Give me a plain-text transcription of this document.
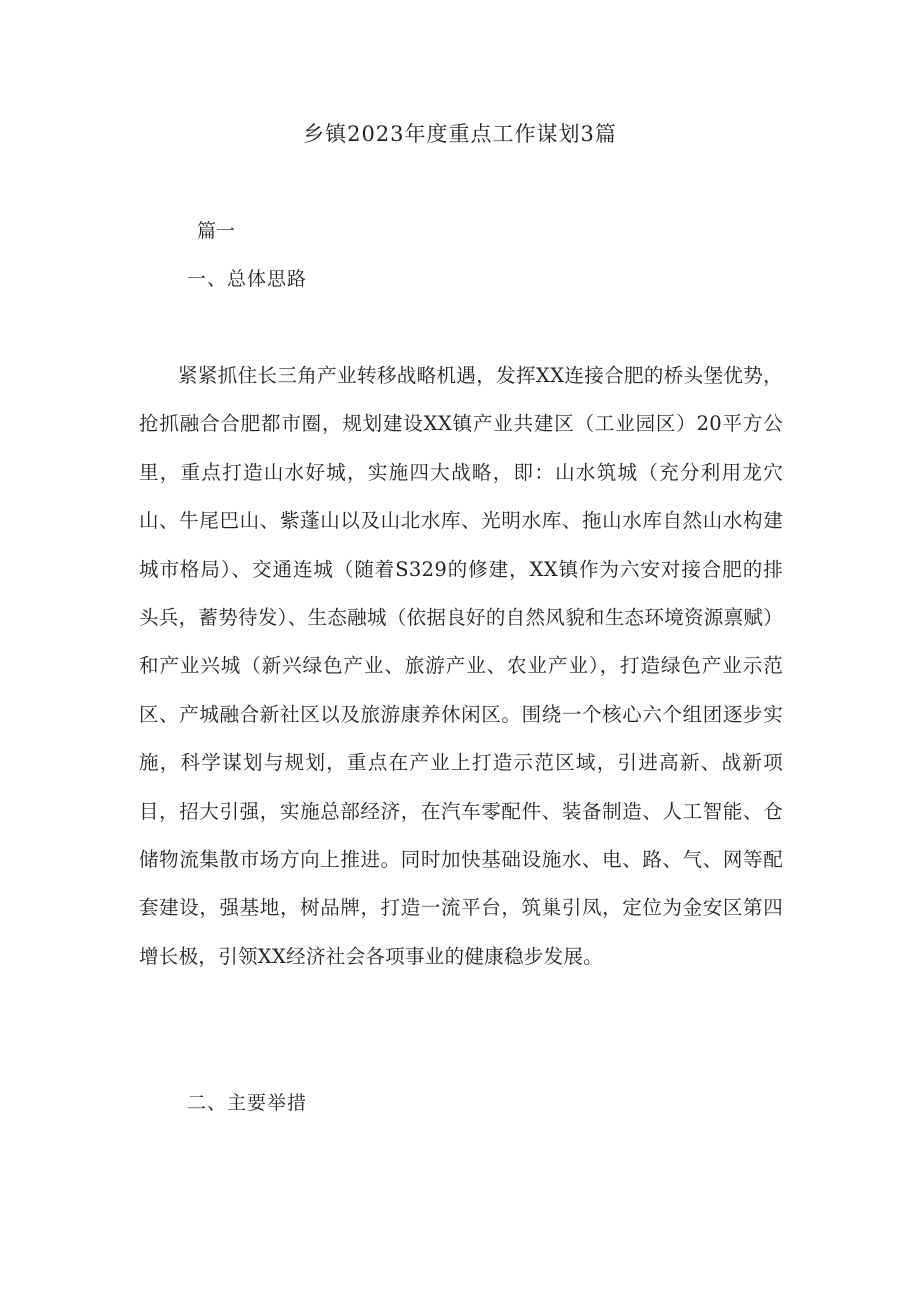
乡镇2023年度重点工作谋划3篇

篇一

一、总体思路

紧紧抓住长三角产业转移战略机遇，发挥XX连接合肥的桥头堡优势，抢抓融合合肥都市圈，规划建设XX镇产业共建区（工业园区）20平方公里，重点打造山水好城，实施四大战略，即：山水筑城（充分利用龙穴山、牛尾巴山、紫蓬山以及山北水库、光明水库、拖山水库自然山水构建城市格局）、交通连城（随着S329的修建，XX镇作为六安对接合肥的排头兵，蓄势待发）、生态融城（依据良好的自然风貌和生态环境资源禀赋）和产业兴城（新兴绿色产业、旅游产业、农业产业），打造绿色产业示范区、产城融合新社区以及旅游康养休闲区。围绕一个核心六个组团逐步实施，科学谋划与规划，重点在产业上打造示范区域，引进高新、战新项目，招大引强，实施总部经济，在汽车零配件、装备制造、人工智能、仓储物流集散市场方向上推进。同时加快基础设施水、电、路、气、网等配套建设，强基地，树品牌，打造一流平台，筑巢引凤，定位为金安区第四增长极，引领XX经济社会各项事业的健康稳步发展。

二、主要举措
